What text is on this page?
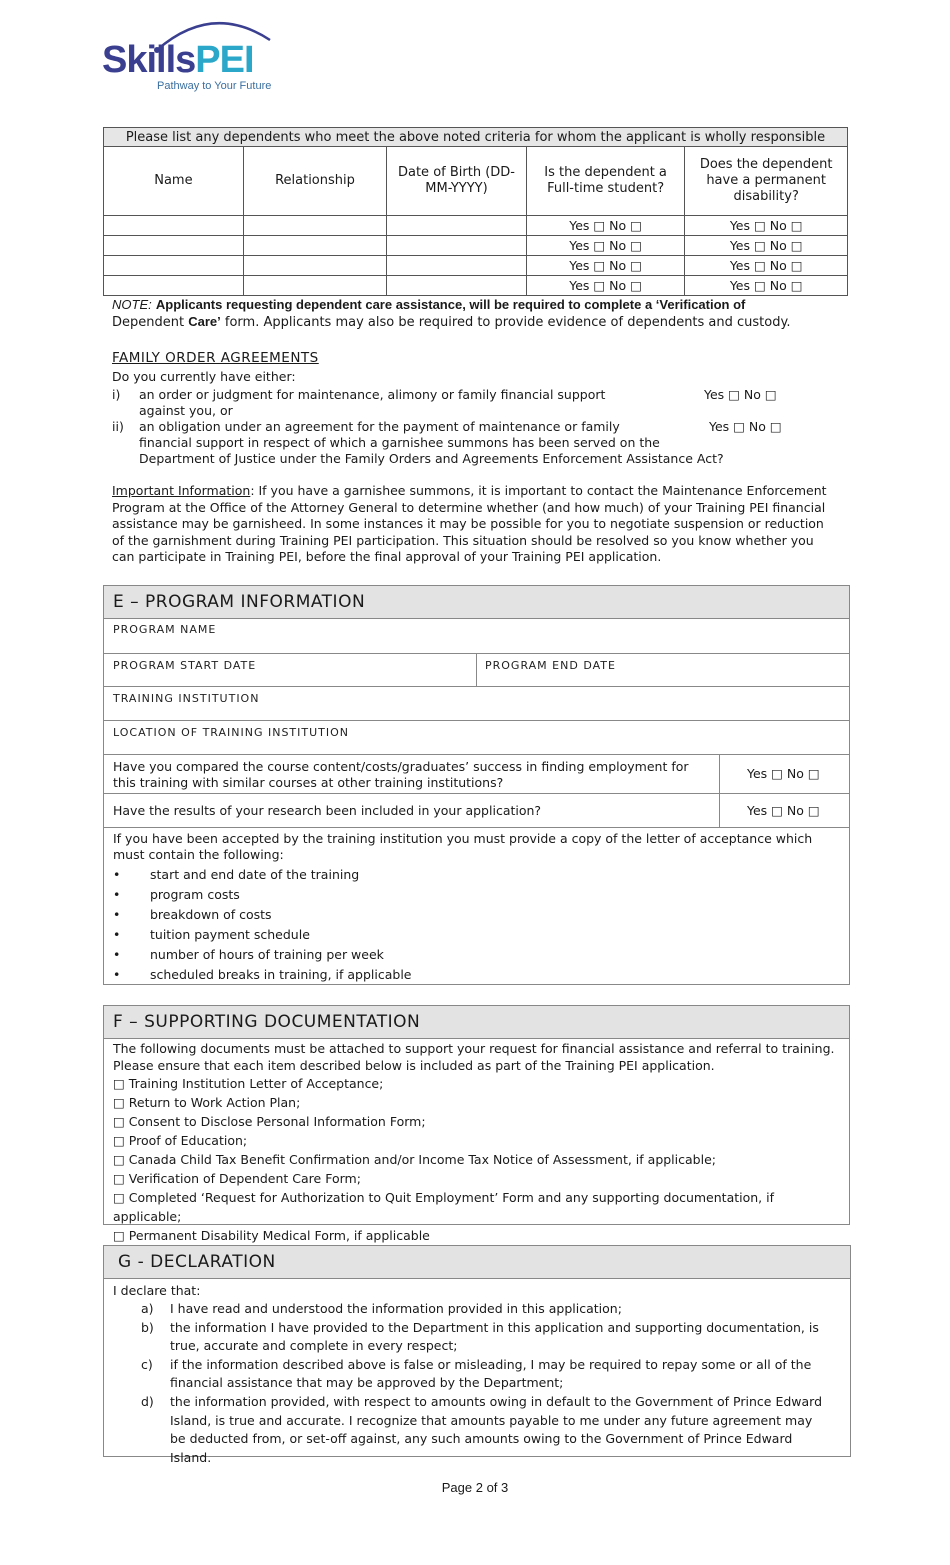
SkillsPEI
Pathway to Your Future
Please list any dependents who meet the above noted criteria for whom the applicant is wholly responsible				
Name	Relationship	Date of Birth (DD-MM-YYYY)	Is the dependent a Full-time student?	Does the dependent have a permanent disability?
			Yes □ No □	Yes □ No □
			Yes □ No □	Yes □ No □
			Yes □ No □	Yes □ No □
			Yes □ No □	Yes □ No □
NOTE: Applicants requesting dependent care assistance, will be required to complete a ‘Verification of
Dependent Care’ form. Applicants may also be required to provide evidence of dependents and custody.
FAMILY ORDER AGREEMENTS
Do you currently have either:
i) an order or judgment for maintenance, alimony or family financial support
against you, or
Yes □ No □
ii) an obligation under an agreement for the payment of maintenance or family
financial support in respect of which a garnishee summons has been served on the
Department of Justice under the Family Orders and Agreements Enforcement Assistance Act?
Yes □ No □
Important Information: If you have a garnishee summons, it is important to contact the Maintenance Enforcement Program at the Office of the Attorney General to determine whether (and how much) of your Training PEI financial assistance may be garnisheed. In some instances it may be possible for you to negotiate suspension or reduction of the garnishment during Training PEI participation. This situation should be resolved so you know whether you can participate in Training PEI, before the final approval of your Training PEI application.
E – PROGRAM INFORMATION
PROGRAM NAME
PROGRAM START DATE	PROGRAM END DATE
TRAINING INSTITUTION
LOCATION OF TRAINING INSTITUTION
Have you compared the course content/costs/graduates’ success in finding employment for this training with similar courses at other training institutions?
Yes □ No □
Have the results of your research been included in your application?	Yes □ No □
If you have been accepted by the training institution you must provide a copy of the letter of acceptance which must contain the following:
• start and end date of the training
• program costs
• breakdown of costs
• tuition payment schedule
• number of hours of training per week
• scheduled breaks in training, if applicable
F – SUPPORTING DOCUMENTATION
The following documents must be attached to support your request for financial assistance and referral to training. Please ensure that each item described below is included as part of the Training PEI application.
□ Training Institution Letter of Acceptance;
□ Return to Work Action Plan;
□ Consent to Disclose Personal Information Form;
□ Proof of Education;
□ Canada Child Tax Benefit Confirmation and/or Income Tax Notice of Assessment, if applicable;
□ Verification of Dependent Care Form;
□ Completed ‘Request for Authorization to Quit Employment’ Form and any supporting documentation, if applicable;
□ Permanent Disability Medical Form, if applicable
G - DECLARATION
I declare that:
a) I have read and understood the information provided in this application;
b) the information I have provided to the Department in this application and supporting documentation, is true, accurate and complete in every respect;
c) if the information described above is false or misleading, I may be required to repay some or all of the financial assistance that may be approved by the Department;
d) the information provided, with respect to amounts owing in default to the Government of Prince Edward Island, is true and accurate. I recognize that amounts payable to me under any future agreement may be deducted from, or set-off against, any such amounts owing to the Government of Prince Edward Island.
Page 2 of 3
